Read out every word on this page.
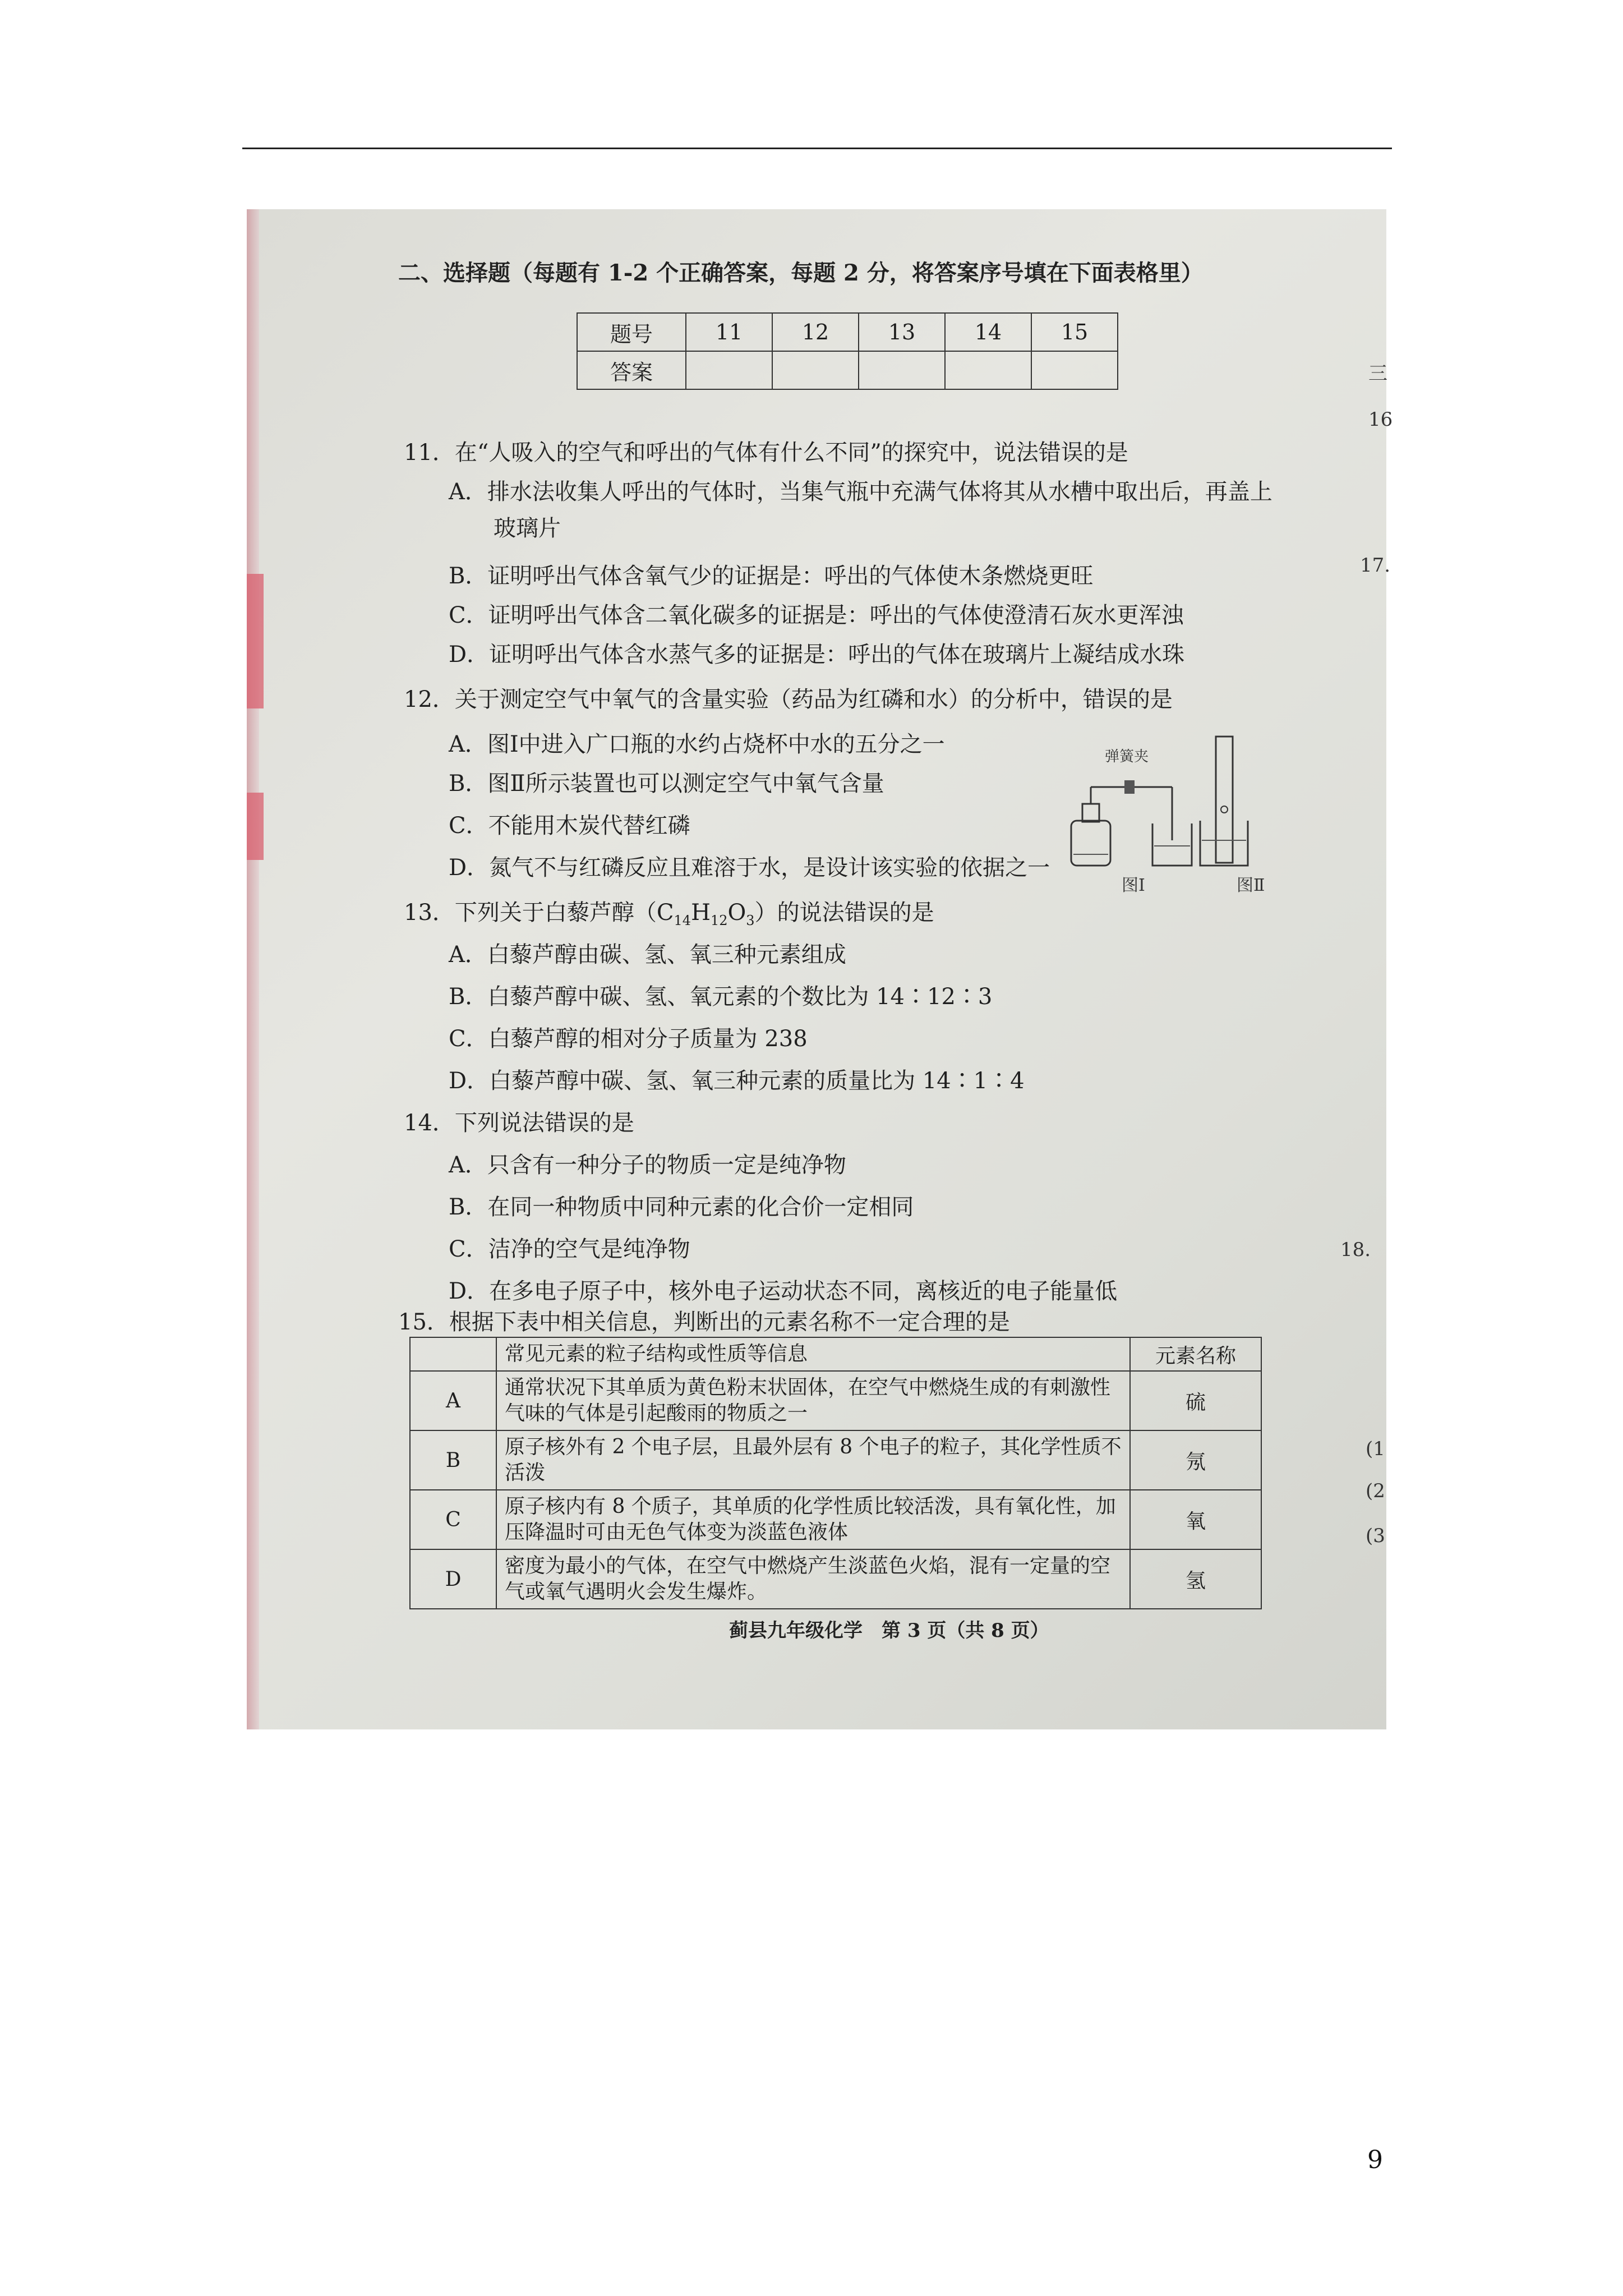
二、选择题（每题有 1-2 个正确答案，每题 2 分，将答案序号填在下面表格里）
题号	11	12	13	14	15
答案					
11．在“人吸入的空气和呼出的气体有什么不同”的探究中，说法错误的是
A．排水法收集人呼出的气体时，当集气瓶中充满气体将其从水槽中取出后，再盖上
玻璃片
B．证明呼出气体含氧气少的证据是：呼出的气体使木条燃烧更旺
C．证明呼出气体含二氧化碳多的证据是：呼出的气体使澄清石灰水更浑浊
D．证明呼出气体含水蒸气多的证据是：呼出的气体在玻璃片上凝结成水珠
12．关于测定空气中氧气的含量实验（药品为红磷和水）的分析中，错误的是
A．图Ⅰ中进入广口瓶的水约占烧杯中水的五分之一
B．图Ⅱ所示装置也可以测定空气中氧气含量
C．不能用木炭代替红磷
D．氮气不与红磷反应且难溶于水，是设计该实验的依据之一
弹簧夹
图Ⅰ	图Ⅱ
13．下列关于白藜芦醇$(C_{14}H_{12}O_3)$的说法错误的是
A．白藜芦醇由碳、氢、氧三种元素组成
B．白藜芦醇中碳、氢、氧元素的个数比为 14∶12∶3
C．白藜芦醇的相对分子质量为 238
D．白藜芦醇中碳、氢、氧三种元素的质量比为 14∶1∶4
14．下列说法错误的是
A．只含有一种分子的物质一定是纯净物
B．在同一种物质中同种元素的化合价一定相同
C．洁净的空气是纯净物
D．在多电子原子中，核外电子运动状态不同，离核近的电子能量低
15．根据下表中相关信息，判断出的元素名称不一定合理的是
	常见元素的粒子结构或性质等信息	元素名称
A	通常状况下其单质为黄色粉末状固体，在空气中燃烧生成的有刺激性气味的气体是引起酸雨的物质之一	硫
B	原子核外有 2 个电子层，且最外层有 8 个电子的粒子，其化学性质不活泼	氖
C	原子核内有 8 个质子，其单质的化学性质比较活泼，具有氧化性，加压降温时可由无色气体变为淡蓝色液体	氧
D	密度为最小的气体，在空气中燃烧产生淡蓝色火焰，混有一定量的空气或氧气遇明火会发生爆炸。	氢
蓟县九年级化学　第 3 页（共 8 页）
三
16
17.
18.
(1
(2
(3
9
